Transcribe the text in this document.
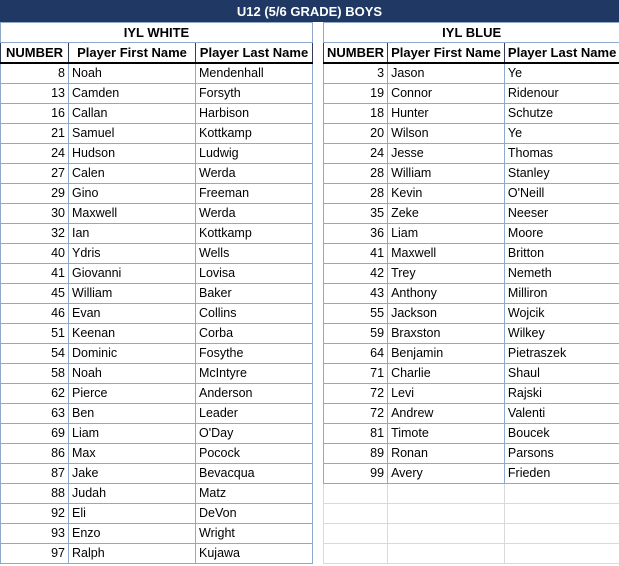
U12 (5/6 GRADE) BOYS
IYL WHITE		
NUMBER	Player First Name	Player Last Name
8	Noah	Mendenhall
13	Camden	Forsyth
16	Callan	Harbison
21	Samuel	Kottkamp
24	Hudson	Ludwig
27	Calen	Werda
29	Gino	Freeman
30	Maxwell	Werda
32	Ian	Kottkamp
40	Ydris	Wells
41	Giovanni	Lovisa
45	William	Baker
46	Evan	Collins
51	Keenan	Corba
54	Dominic	Fosythe
58	Noah	McIntyre
62	Pierce	Anderson
63	Ben	Leader
69	Liam	O'Day
86	Max	Pocock
87	Jake	Bevacqua
88	Judah	Matz
92	Eli	DeVon
93	Enzo	Wright
97	Ralph	Kujawa
IYL BLUE		
NUMBER	Player First Name	Player Last Name
3	Jason	Ye
19	Connor	Ridenour
18	Hunter	Schutze
20	Wilson	Ye
24	Jesse	Thomas
28	William	Stanley
28	Kevin	O'Neill
35	Zeke	Neeser
36	Liam	Moore
41	Maxwell	Britton
42	Trey	Nemeth
43	Anthony	Milliron
55	Jackson	Wojcik
59	Braxston	Wilkey
64	Benjamin	Pietraszek
71	Charlie	Shaul
72	Levi	Rajski
72	Andrew	Valenti
81	Timote	Boucek
89	Ronan	Parsons
99	Avery	Frieden
